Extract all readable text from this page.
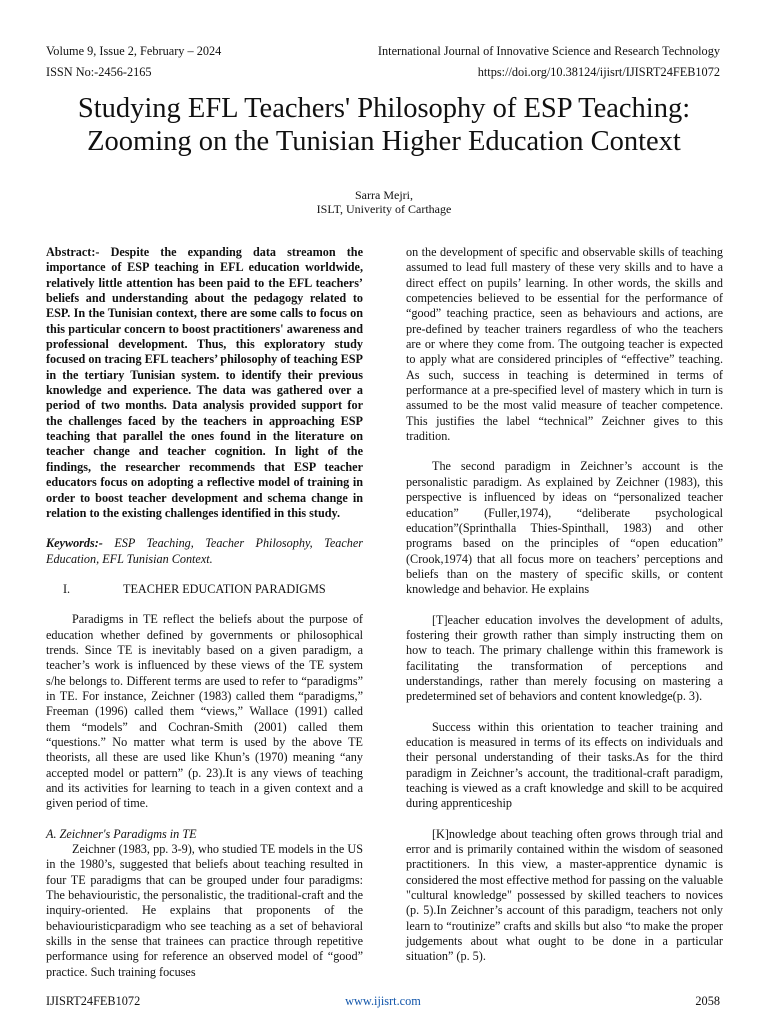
Volume 9, Issue 2, February – 2024	International Journal of Innovative Science and Research Technology
ISSN No:-2456-2165	https://doi.org/10.38124/ijisrt/IJISRT24FEB1072
Studying EFL Teachers' Philosophy of ESP Teaching:
Zooming on the Tunisian Higher Education Context
Sarra Mejri,
ISLT, Univerity of Carthage

Abstract:- Despite the expanding data streamon the importance of ESP teaching in EFL education worldwide, relatively little attention has been paid to the EFL teachers’ beliefs and understanding about the pedagogy related to ESP. In the Tunisian context, there are some calls to focus on this particular concern to boost practitioners' awareness and professional development. Thus, this exploratory study focused on tracing EFL teachers’ philosophy of teaching ESP in the tertiary Tunisian system. to identify their previous knowledge and experience. The data was gathered over a period of two months. Data analysis provided support for the challenges faced by the teachers in approaching ESP teaching that parallel the ones found in the literature on teacher change and teacher cognition. In light of the findings, the researcher recommends that ESP teacher educators focus on adopting a reflective model of training in order to boost teacher development and schema change in relation to the existing challenges identified in this study.

Keywords:- ESP Teaching, Teacher Philosophy, Teacher Education, EFL Tunisian Context.

I.	TEACHER EDUCATION PARADIGMS

Paradigms in TE reflect the beliefs about the purpose of education whether defined by governments or philosophical trends. Since TE is inevitably based on a given paradigm, a teacher’s work is influenced by these views of the TE system s/he belongs to. Different terms are used to refer to “paradigms” in TE. For instance, Zeichner (1983) called them “paradigms,” Freeman (1996) called them “views,” Wallace (1991) called them “models” and Cochran-Smith (2001) called them “questions.” No matter what term is used by the above TE theorists, all these are used like Khun’s (1970) meaning “any accepted model or pattern” (p. 23).It is any views of teaching and its activities for learning to teach in a given context and a given period of time.

A. Zeichner's Paradigms in TE

Zeichner (1983, pp. 3-9), who studied TE models in the US in the 1980’s, suggested that beliefs about teaching resulted in four TE paradigms that can be grouped under four paradigms: The behaviouristic, the personalistic, the traditional-craft and the inquiry-oriented. He explains that proponents of the behaviouristicparadigm who see teaching as a set of behavioral skills in the sense that trainees can practice through repetitive performance using for reference an observed model of “good” practice. Such training focuses

on the development of specific and observable skills of teaching assumed to lead full mastery of these very skills and to have a direct effect on pupils’ learning. In other words, the skills and competencies believed to be essential for the performance of “good” teaching practice, seen as behaviours and actions, are pre-defined by teacher trainers regardless of who the teachers are or where they come from. The outgoing teacher is expected to apply what are considered principles of “effective” teaching. As such, success in teaching is determined in terms of performance at a pre-specified level of mastery which in turn is assumed to be the most valid measure of teacher competence. This justifies the label “technical” Zeichner gives to this tradition.

The second paradigm in Zeichner’s account is the personalistic paradigm. As explained by Zeichner (1983), this perspective is influenced by ideas on “personalized teacher education” (Fuller,1974), “deliberate psychological education”(Sprinthalla Thies-Spinthall, 1983) and other programs based on the principles of “open education” (Crook,1974) that all focus more on teachers’ perceptions and beliefs than on the mastery of specific skills, or content knowledge and behavior. He explains

[T]eacher education involves the development of adults, fostering their growth rather than simply instructing them on how to teach. The primary challenge within this framework is facilitating the transformation of perceptions and understandings, rather than merely focusing on mastering a predetermined set of behaviors and content knowledge(p. 3).

Success within this orientation to teacher training and education is measured in terms of its effects on individuals and their personal understanding of their tasks.As for the third paradigm in Zeichner’s account, the traditional-craft paradigm, teaching is viewed as a craft knowledge and skill to be acquired during apprenticeship

[K]nowledge about teaching often grows through trial and error and is primarily contained within the wisdom of seasoned practitioners. In this view, a master-apprentice dynamic is considered the most effective method for passing on the valuable "cultural knowledge" possessed by skilled teachers to novices (p. 5).In Zeichner’s account of this paradigm, teachers not only learn to “routinize” crafts and skills but also “to make the proper judgements about what ought to be done in a particular situation” (p. 5).

IJISRT24FEB1072	www.ijisrt.com	2058
